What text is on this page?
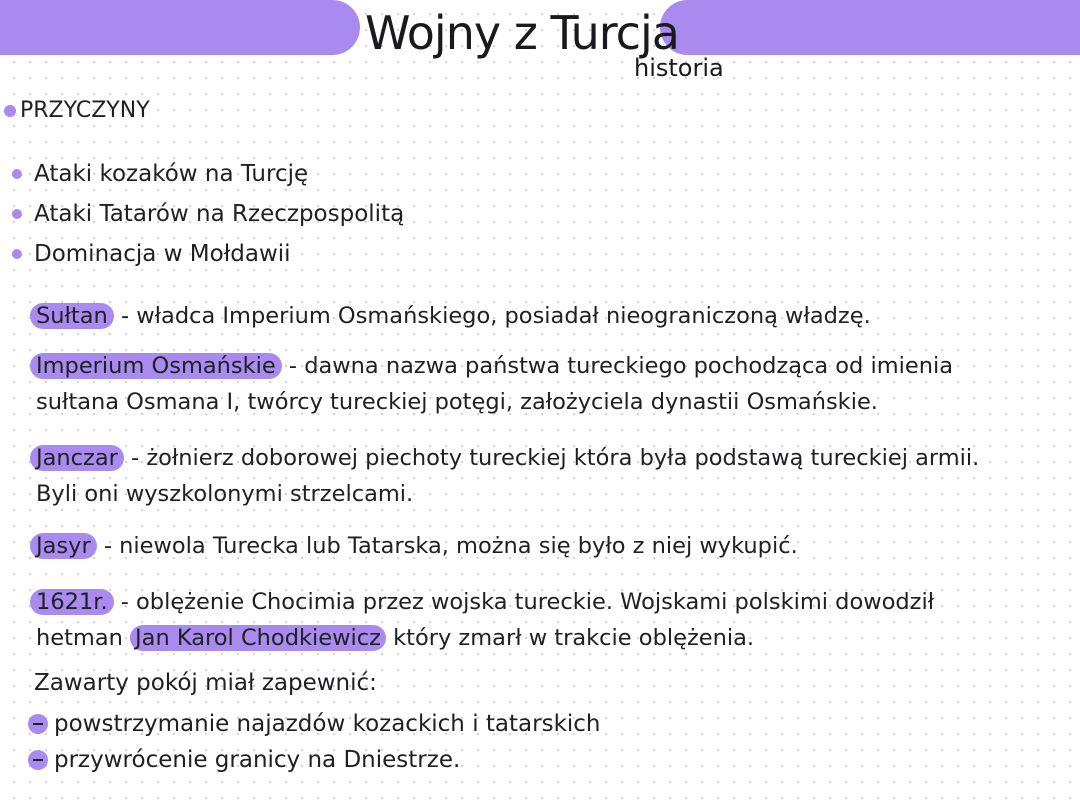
Wojny z Turcja
historia
PRZYCZYNY
Ataki kozaków na Turcję
Ataki Tatarów na Rzeczpospolitą
Dominacja w Mołdawii
Sułtan - władca Imperium Osmańskiego, posiadał nieograniczoną władzę.
Imperium Osmańskie - dawna nazwa państwa tureckiego pochodząca od imienia
sułtana Osmana I, twórcy tureckiej potęgi, założyciela dynastii Osmańskie.
Janczar - żołnierz doborowej piechoty tureckiej która była podstawą tureckiej armii.
Byli oni wyszkolonymi strzelcami.
Jasyr - niewola Turecka lub Tatarska, można się było z niej wykupić.
1621r. - oblężenie Chocimia przez wojska tureckie. Wojskami polskimi dowodził
hetman Jan Karol Chodkiewicz który zmarł w trakcie oblężenia.
Zawarty pokój miał zapewnić:
powstrzymanie najazdów kozackich i tatarskich
przywrócenie granicy na Dniestrze.
